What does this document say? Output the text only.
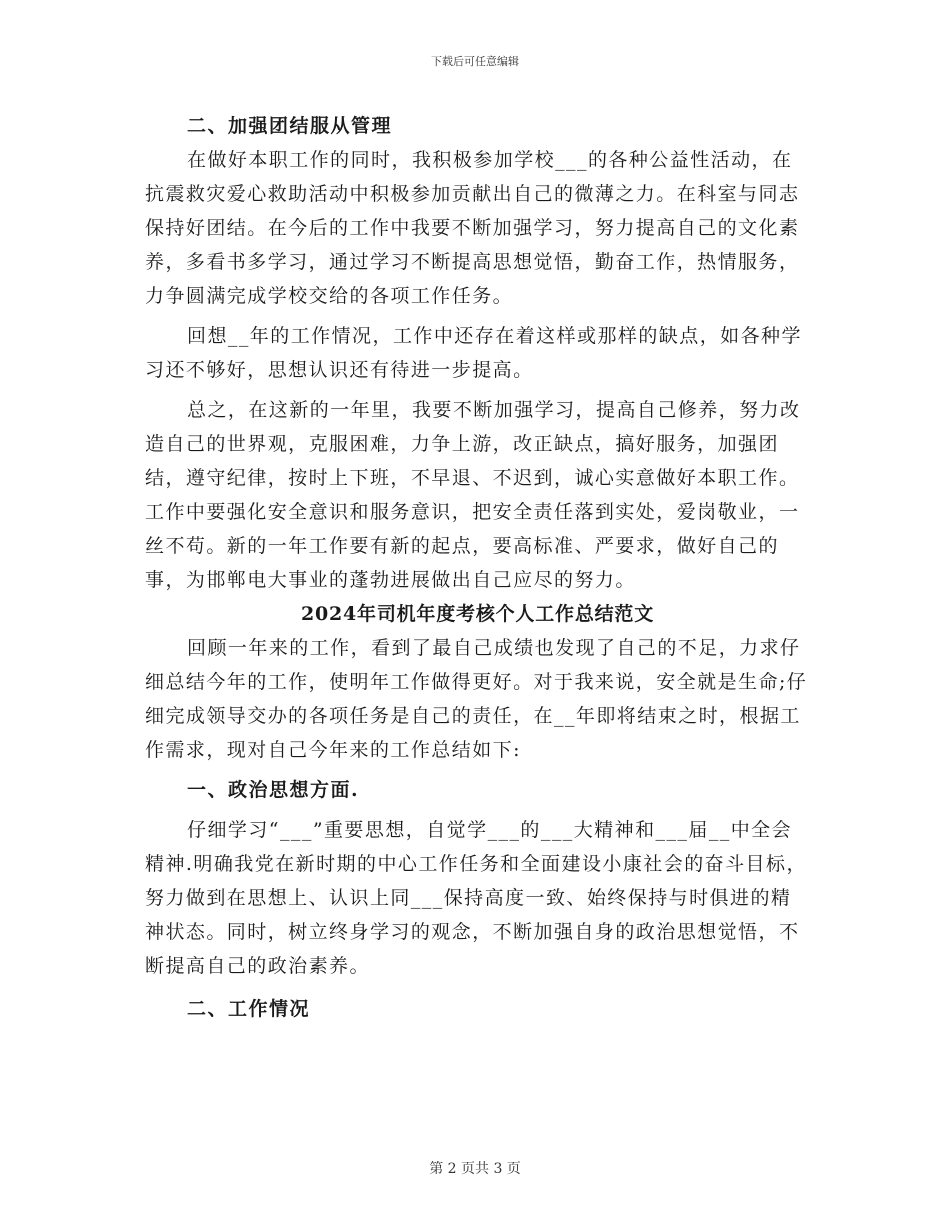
下载后可任意编辑

二、加强团结服从管理

在做好本职工作的同时，我积极参加学校___的各种公益性活动，在抗震救灾爱心救助活动中积极参加贡献出自己的微薄之力。在科室与同志保持好团结。在今后的工作中我要不断加强学习，努力提高自己的文化素养，多看书多学习，通过学习不断提高思想觉悟，勤奋工作，热情服务，力争圆满完成学校交给的各项工作任务。

回想__年的工作情况，工作中还存在着这样或那样的缺点，如各种学习还不够好，思想认识还有待进一步提高。

总之，在这新的一年里，我要不断加强学习，提高自己修养，努力改造自己的世界观，克服困难，力争上游，改正缺点，搞好服务，加强团结，遵守纪律，按时上下班，不早退、不迟到，诚心实意做好本职工作。工作中要强化安全意识和服务意识，把安全责任落到实处，爱岗敬业，一丝不苟。新的一年工作要有新的起点，要高标准、严要求，做好自己的事，为邯郸电大事业的蓬勃进展做出自己应尽的努力。

2024年司机年度考核个人工作总结范文

回顾一年来的工作，看到了最自己成绩也发现了自己的不足，力求仔细总结今年的工作，使明年工作做得更好。对于我来说，安全就是生命;仔细完成领导交办的各项任务是自己的责任，在__年即将结束之时，根据工作需求，现对自己今年来的工作总结如下:

一、政治思想方面.

仔细学习“___”重要思想，自觉学___的___大精神和___届__中全会精神.明确我党在新时期的中心工作任务和全面建设小康社会的奋斗目标，努力做到在思想上、认识上同___保持高度一致、始终保持与时俱进的精神状态。同时，树立终身学习的观念，不断加强自身的政治思想觉悟，不断提高自己的政治素养。

二、工作情况

第 2 页共 3 页
